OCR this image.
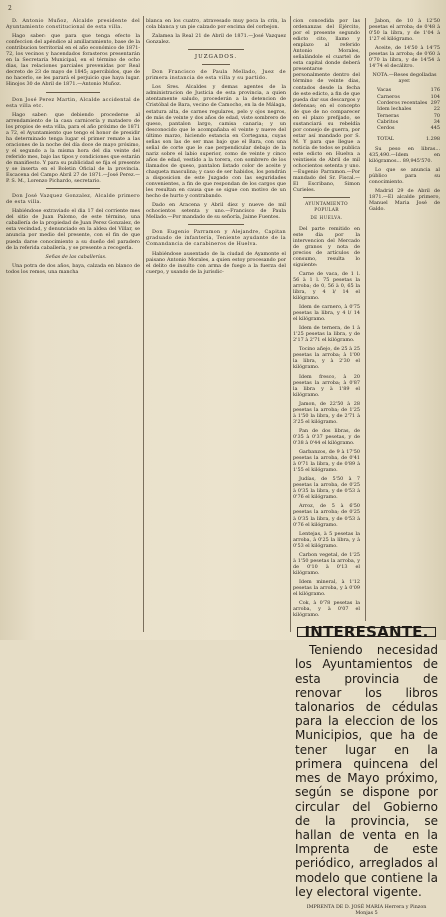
2

D. Antonio Muñoz, Alcalde presidente del Ayuntamiento constitucional de esta villa.

Hago saber: que para que tenga efecto la confeccion del apéndice al amillaramiento, base de la contribucion territorial en el año económico de 1871-72, los vecinos y hacendados forasteros presentarán en la Secretaría Municipal, en el término de ocho dias, las relaciones parciales prevenidas por Real decreto de 23 de mayo de 1845; apercibidos, que de no hacerlo, se les parará el perjuicio que haya lugar. Hinojos 30 de Abril de 1871.—Antonio Muñoz.

Don José Perez Martin, Alcalde accidental de esta villa etc.

Hago saber: que debiendo procederse al arrendamiento de la casa carnicería y matadero de los propios de esta villa, para el año próximo de 1871 a 72, el Ayuntamiento que tengo el honor de presidir ha determinado tenga lugar el primer remate a las oraciones de la noche del día doce de mayo próximo, y el segundo a la misma hora del dia veinte del referido mes, bajo las tipos y condiciones que estarán de manifiesto. Y para su publicidad se fija el presente y se inserta en el Boletin Oficial de la provincia. Escacena del Campo Abril 27 de 1871.—José Perez.—P. S. M., Lorenzo Pichardo, secretario.

Don José Vazquez Gonzalez, Alcalde primero de esta villa.

Habiéndose extraviado el dia 17 del corriente mes del sitio de Juan Palomo, de este término, una caballería de la propiedad de Juan Perez Gonzalez, de esta vecindad, y denunciado en la aldea del Villar, se anuncia por medio del presente, con el fin de que pueda darse conocimiento a su dueño del paradero de la referida caballería, y se presente a recogerla.

Señas de las caballerías.

Una potra de dos años, baya, calzada en blanco de todos los remos, una mancha

blanca en los cuatro, atravesado muy poca la crin, la cola blanca y un pie calzado por encima del corbejon.

Zalamea la Real 21 de Abril de 1871.—José Vazquez Gonzalez.

JUZGADOS.

Don Francisco de Paula Mellado, Juez de primera instancia de esta villa y su partido.

Los Sres. Alcaldes y demas agentes de la administracion de Justicia de esta provincia, a quien atentamente saludo, procederán a la detencion de Cristóbal de Bara, vecino de Camocho, en la de Málaga, estatura alta, de carnes regulares, pelo y ojos negros, de más de veinte y dos años de edad, viste sombrero de queso, pantalon largo, camisa canaria; y un desconocido que le acompañaba el veinte y nueve del último marzo, hiciendo estancia en Cortegana, cuyas señas son las de ser mas bajo que el Bara, con una señal de corte que le cae perpendicular debajo de la nariz sobre el labio superior, como de veinte y cinco años de edad, vestido a la torera, con sombrero de los llamados de queso, pantalon listado color de aceite y chaqueta masculina; y caso de ser habidos, los pondrán a disposicion de este Juzgado con las seguridades convenientes, a fin de que respondan de los cargos que les resultan en causa que se sigue con motivo de un hecho de hurto y contrabando.

Dado en Aracena y Abril diez y nueve de mil ochocientos setenta y uno.—Francisco de Paula Mellado.—Por mandado de su señoría, Jaime Fuentes.

Don Eugenio Parramon y Alejandre, Capitan graduado de infantería, Teniente ayudante de la Comandancia de carabineros de Huelva.

Habiéndose ausentado de la ciudad de Ayamonte el paisano Antonio Morales, a quien estoy procesando por el delito de insulto con arma de fuego a la fuerza del cuerpo, y usando de la jurisdic-

cion concedida por las ordenanzas del Ejército, por el presente segundo edicto cito, llamo y emplazo al referido Antonio Morales, señalándole el cuartel de esta capital donde deberá presentarse personalmente dentro del término de veinte dias, contados desde la fecha de este edicto, a fin de que pueda dar sus descargos y defensas; en el concepto de que de no comparecer en el plazo prefijado, se sustanciará su rebeldía por consejo de guerra, por estar así mandado por S. M. Y para que llegue a noticia de todos se publica este edicto en Huelva a veintiseis de Abril de mil ochocientos setenta y uno.—Eugenio Parramon.—Por mandado del Sr. Fiscal.—El Escribano, Simon Curieles.

AYUNTAMIENTO POPULAR
DE HUELVA.

Del parte remitido en este dia por la intervencion del Mercado de granos y nota de precios de artículos de consumo, resulta lo siguiente:

Carne de vaca, de 1 l. 56 à 1 l. 75 pesetas la arroba; de 0, 56 à 0, 65 la libra, y 4 l/ 14 el kilógramo.

Idem de carnero, à 0'75 pesetas la libra, y 4 l/ 14 el kilógramo.

Idem de ternera, de 1 à 1'25 pesetas la libra, y de 2'17 à 2'71 el kilógramo.

Tocino añejo, de 25 à 25 pesetas la arroba; à 1'00 la libra, y à 2'30 el kilógramo.

Idem fresco, à 20 pesetas la arroba; à 0'87 la libra y à 1'89 el kilógramo.

Jamon, de 22'50 à 28 pesetas la arroba; de 1'25 à 1'50 la libra, y de 2'71 à 3'25 el kilógramo.

Pan de dos libras, de 0'35 à 0'37 pesetas, y de 0'38 à 0'44 el kilógramo.

Garbanzos, de 9 à 17'50 pesetas la arroba, de 0'41 à 0'71 la libra, y de 0'89 à 1'55 el kilógramo.

Judías, de 5'50 à 7 pesetas la arroba, de 0'25 à 0'35 la libra, y de 0'53 à 0'76 el kilógramo.

Arroz, de 5 à 6'50 pesetas la arroba; de 0'25 à 0'35 la libra, y de 0'53 à 0'76 el kilógramo.

Lentejas, à 5 pesetas la arroba, à 0'25 la libra, y à 0'53 el kilógramo.

Carbon vegetal, de 1'25 à 1'50 pesetas la arroba, y de 0'10 à 0'13 el kilógramo.

Idem mineral, à 1'12 pesetas la arroba, y à 0'09 el kilógramo.

Cok, à 0'78 pesetas la arroba, y à 0'07 el kilógramo.

Jabon, de 10 à 12'50 pesetas el arroba; de 0'48 à 0'50 la libra, y de 1'04 à 1'27 el kilógramo.

Aceite, de 14'50 à 14'75 pesetas la arroba; de 0'60 à 0'70 la libra, y de 14'54 à 14'74 el decálitro.

NOTA.—Reses degolladas ayer.

Vacas	176
Carneros	104
Corderos recentales 297
Idem lechales	22
Terneras	70
Cabritos	34
Cerdos	445
TOTAL	1.298

Su peso en libras... 435,490.—Idem en kilógramos... 89,945'570.

Lo que se anuncia al público para su conocimiento.

Madrid 29 de Abril de 1871.—El alcalde primero, Manuel Maria José de Galdo.

INTERESANTE.
Teniendo necesidad los Ayuntamientos de esta provincia de renovar los libros talonarios de cédulas para la eleccion de los Municipios, que ha de tener lugar en la primera quincena del mes de Mayo próximo, según se dispone por circular del Gobierno de la provincia, se hallan de venta en la Imprenta de este periódico, arreglados al modelo que contiene la ley electoral vigente.
IMPRENTA DE D. JOSÉ MARIA Herrera y Pinzon
Monjas 5
